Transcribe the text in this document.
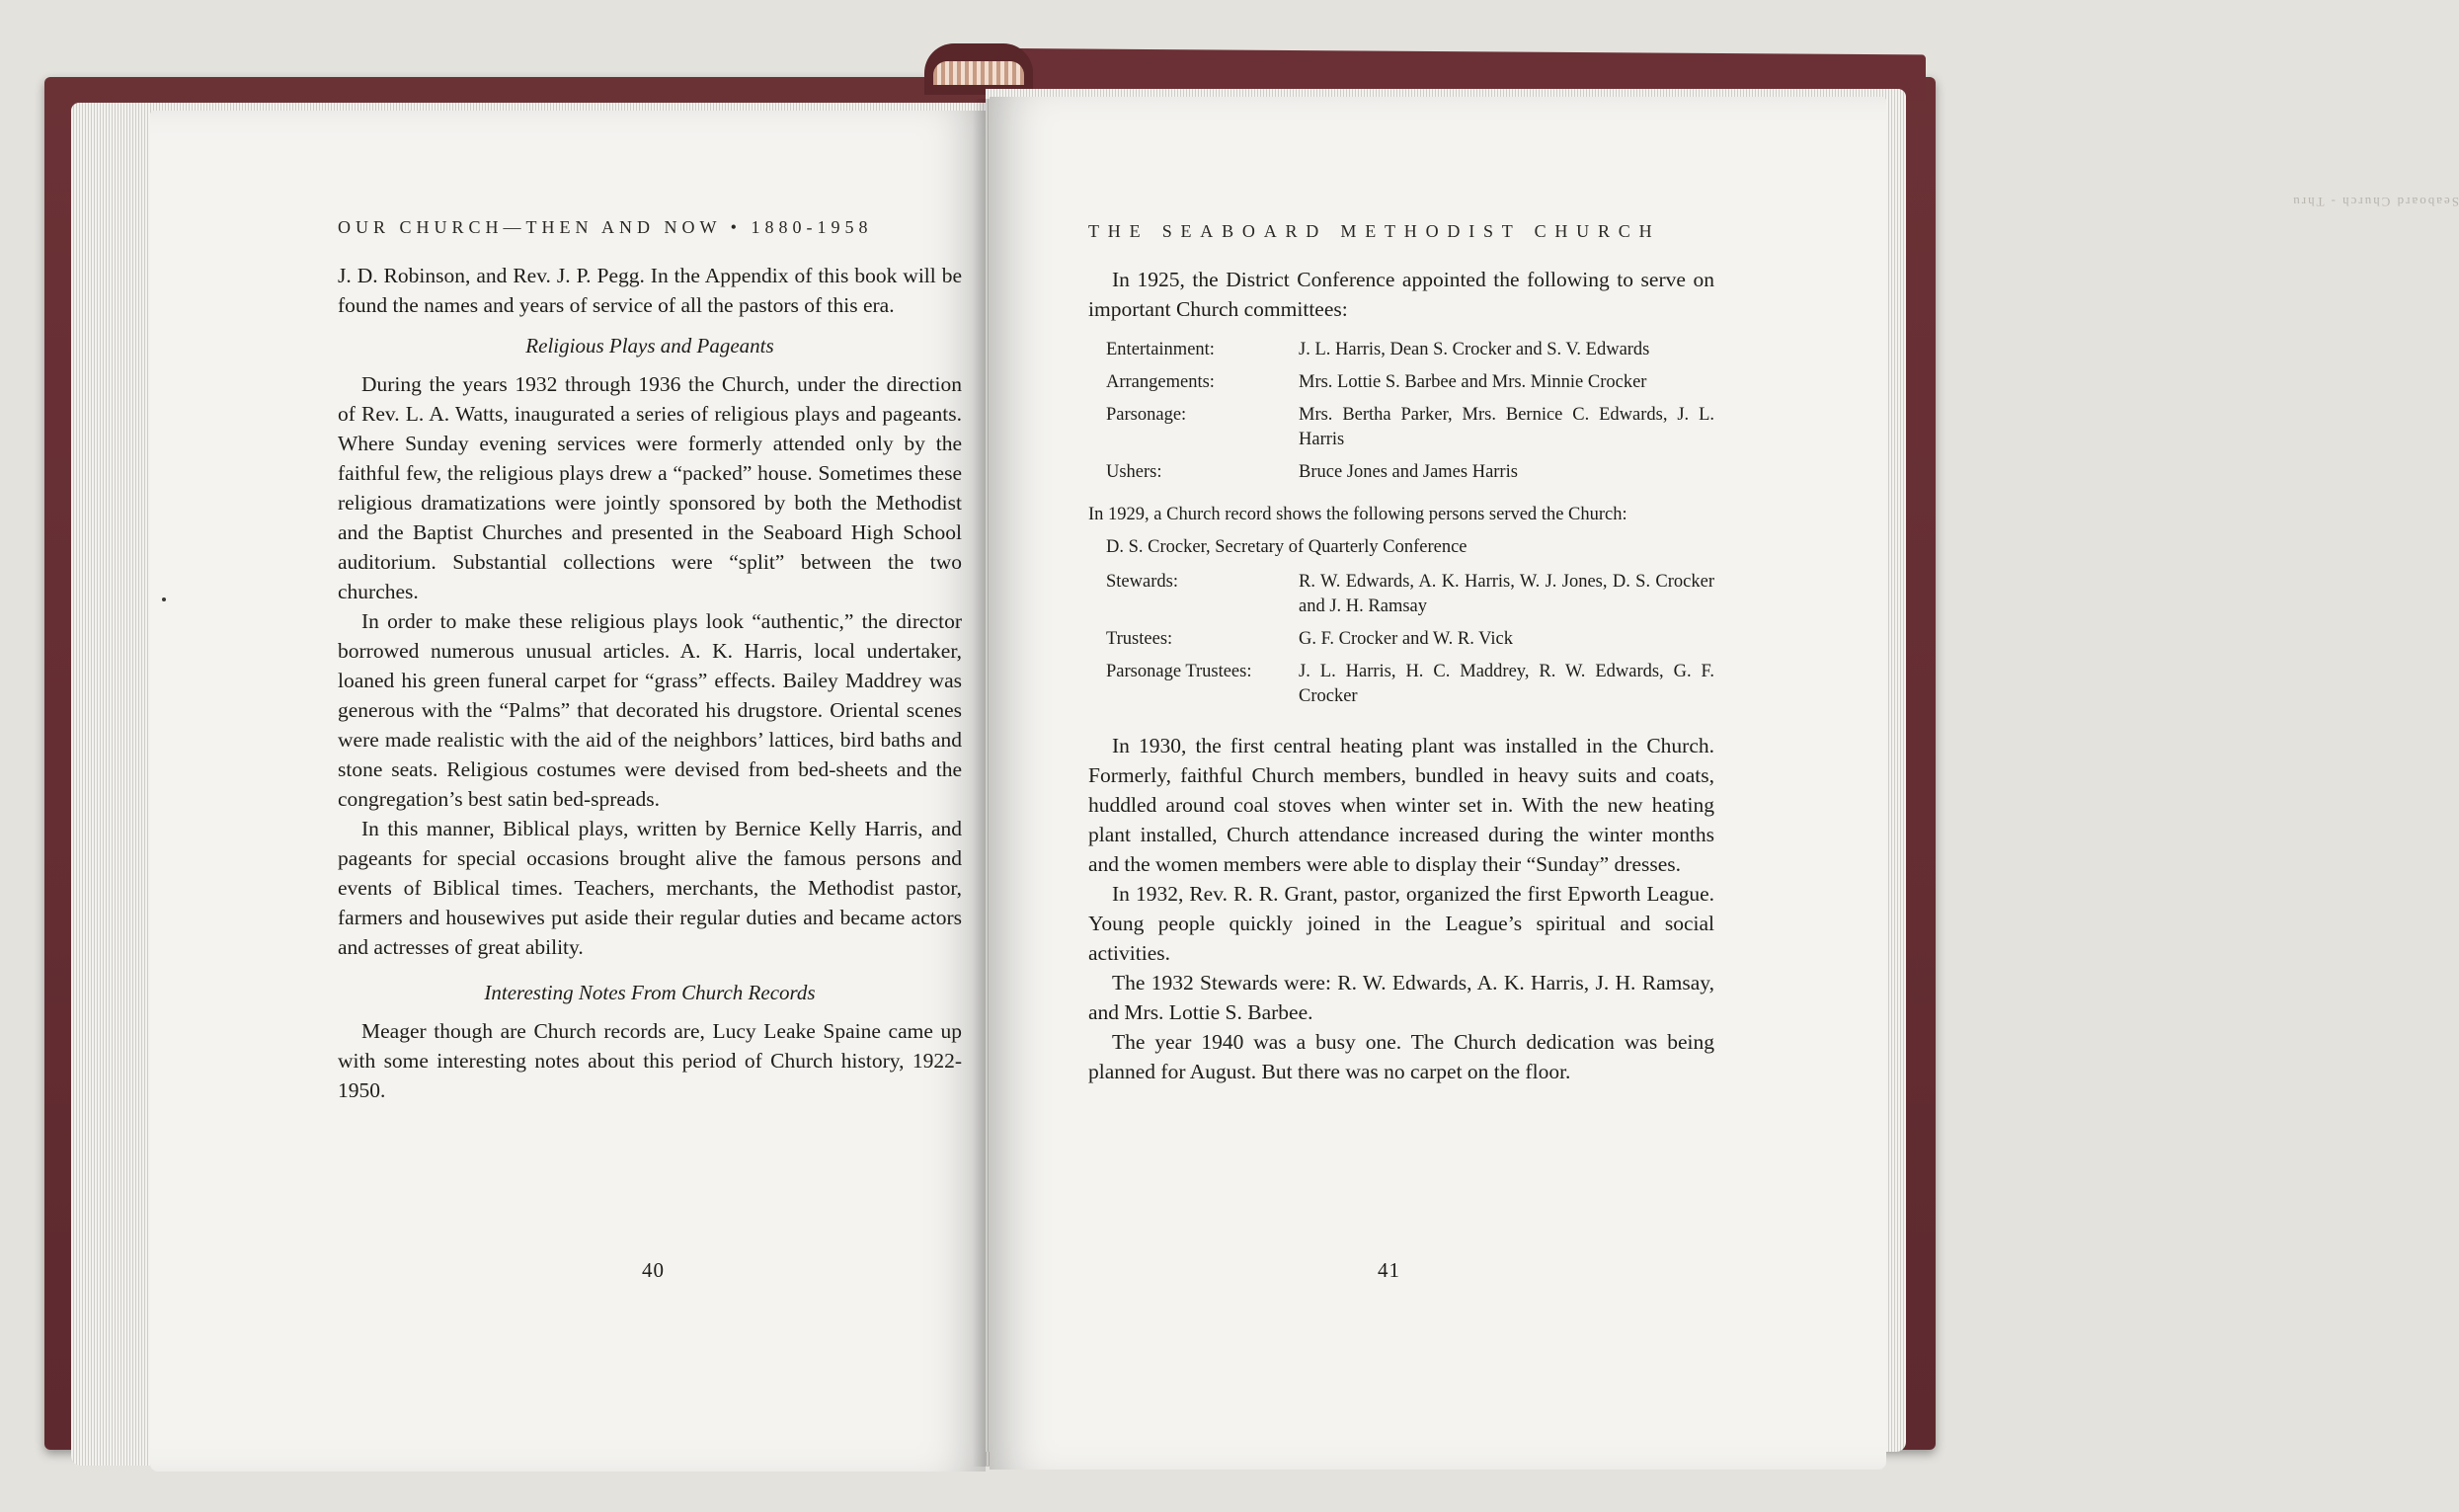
OUR CHURCH—THEN AND NOW • 1880-1958

J. D. Robinson, and Rev. J. P. Pegg. In the Appendix of this book will be found the names and years of service of all the pastors of this era.

Religious Plays and Pageants

During the years 1932 through 1936 the Church, under the direction of Rev. L. A. Watts, inaugurated a series of religious plays and pageants. Where Sunday evening services were formerly attended only by the faithful few, the religious plays drew a “packed” house. Sometimes these religious dramatizations were jointly sponsored by both the Methodist and the Baptist Churches and presented in the Seaboard High School auditorium. Substantial collections were “split” between the two churches.

In order to make these religious plays look “authentic,” the director borrowed numerous unusual articles. A. K. Harris, local undertaker, loaned his green funeral carpet for “grass” effects. Bailey Maddrey was generous with the “Palms” that decorated his drugstore. Oriental scenes were made realistic with the aid of the neighbors’ lattices, bird baths and stone seats. Religious costumes were devised from bed-sheets and the congregation’s best satin bed-spreads.

In this manner, Biblical plays, written by Bernice Kelly Harris, and pageants for special occasions brought alive the famous persons and events of Biblical times. Teachers, merchants, the Methodist pastor, farmers and housewives put aside their regular duties and became actors and actresses of great ability.

Interesting Notes From Church Records

Meager though are Church records are, Lucy Leake Spaine came up with some interesting notes about this period of Church history, 1922-1950.

40
Seaboard Church - Thru
THE SEABOARD METHODIST CHURCH

In 1925, the District Conference appointed the following to serve on important Church committees:

Entertainment:	J. L. Harris, Dean S. Crocker and S. V. Edwards
Arrangements:	Mrs. Lottie S. Barbee and Mrs. Minnie Crocker
Parsonage:	Mrs. Bertha Parker, Mrs. Bernice C. Edwards, J. L. Harris
Ushers:	Bruce Jones and James Harris

In 1929, a Church record shows the following persons served the Church:

D. S. Crocker, Secretary of Quarterly Conference
Stewards:	R. W. Edwards, A. K. Harris, W. J. Jones, D. S. Crocker and J. H. Ramsay
Trustees:	G. F. Crocker and W. R. Vick
Parsonage Trustees:	J. L. Harris, H. C. Maddrey, R. W. Edwards, G. F. Crocker

In 1930, the first central heating plant was installed in the Church. Formerly, faithful Church members, bundled in heavy suits and coats, huddled around coal stoves when winter set in. With the new heating plant installed, Church attendance increased during the winter months and the women members were able to display their “Sunday” dresses.

In 1932, Rev. R. R. Grant, pastor, organized the first Epworth League. Young people quickly joined in the League’s spiritual and social activities.

The 1932 Stewards were: R. W. Edwards, A. K. Harris, J. H. Ramsay, and Mrs. Lottie S. Barbee.

The year 1940 was a busy one. The Church dedication was being planned for August. But there was no carpet on the floor.

41
